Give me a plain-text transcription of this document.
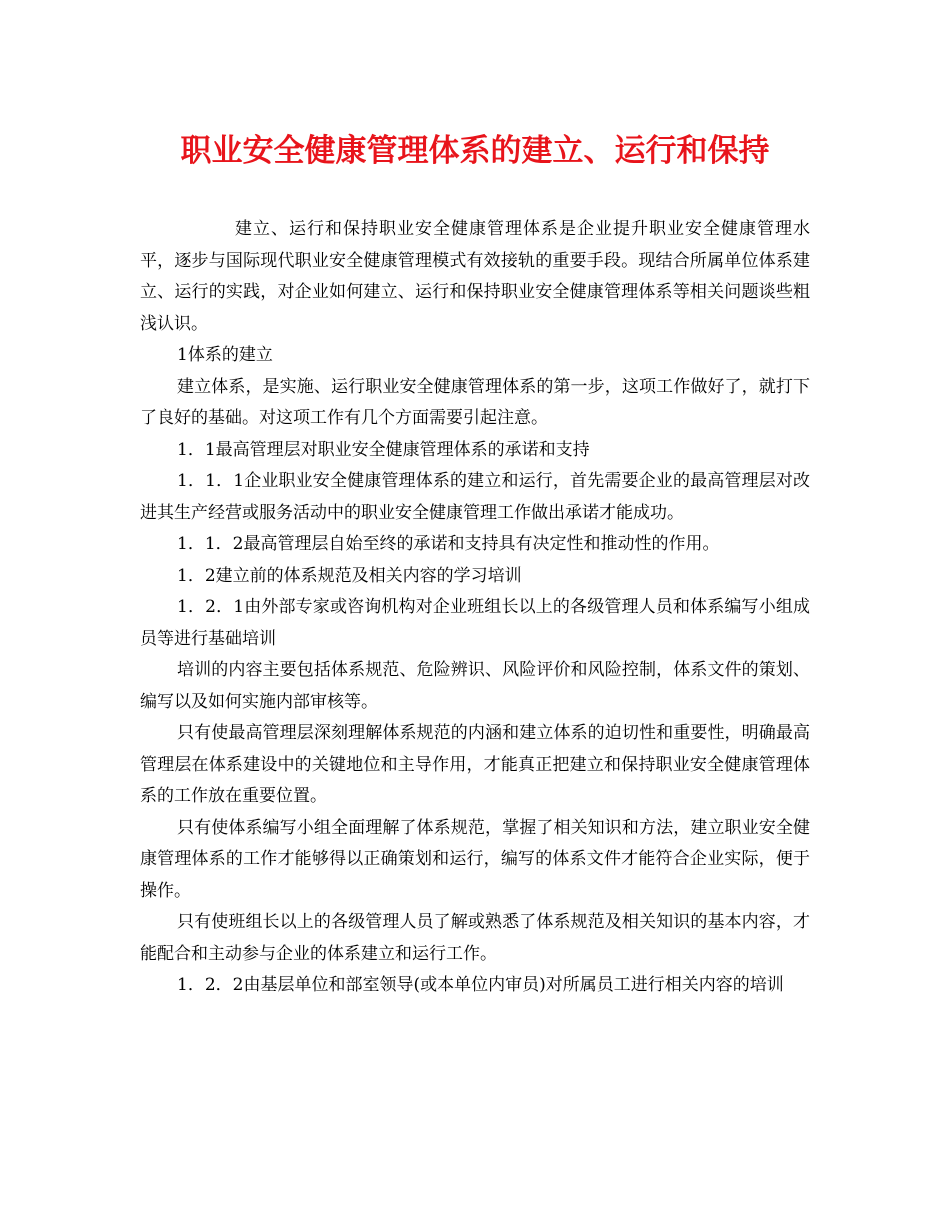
职业安全健康管理体系的建立、运行和保持

建立、运行和保持职业安全健康管理体系是企业提升职业安全健康管理水平，逐步与国际现代职业安全健康管理模式有效接轨的重要手段。现结合所属单位体系建立、运行的实践，对企业如何建立、运行和保持职业安全健康管理体系等相关问题谈些粗浅认识。

1体系的建立

建立体系，是实施、运行职业安全健康管理体系的第一步，这项工作做好了，就打下了良好的基础。对这项工作有几个方面需要引起注意。

1．1最高管理层对职业安全健康管理体系的承诺和支持

1．1．1企业职业安全健康管理体系的建立和运行，首先需要企业的最高管理层对改进其生产经营或服务活动中的职业安全健康管理工作做出承诺才能成功。

1．1．2最高管理层自始至终的承诺和支持具有决定性和推动性的作用。

1．2建立前的体系规范及相关内容的学习培训

1．2．1由外部专家或咨询机构对企业班组长以上的各级管理人员和体系编写小组成员等进行基础培训

培训的内容主要包括体系规范、危险辨识、风险评价和风险控制，体系文件的策划、编写以及如何实施内部审核等。

只有使最高管理层深刻理解体系规范的内涵和建立体系的迫切性和重要性，明确最高管理层在体系建设中的关键地位和主导作用，才能真正把建立和保持职业安全健康管理体系的工作放在重要位置。

只有使体系编写小组全面理解了体系规范，掌握了相关知识和方法，建立职业安全健康管理体系的工作才能够得以正确策划和运行，编写的体系文件才能符合企业实际，便于操作。

只有使班组长以上的各级管理人员了解或熟悉了体系规范及相关知识的基本内容，才能配合和主动参与企业的体系建立和运行工作。

1．2．2由基层单位和部室领导(或本单位内审员)对所属员工进行相关内容的培训
